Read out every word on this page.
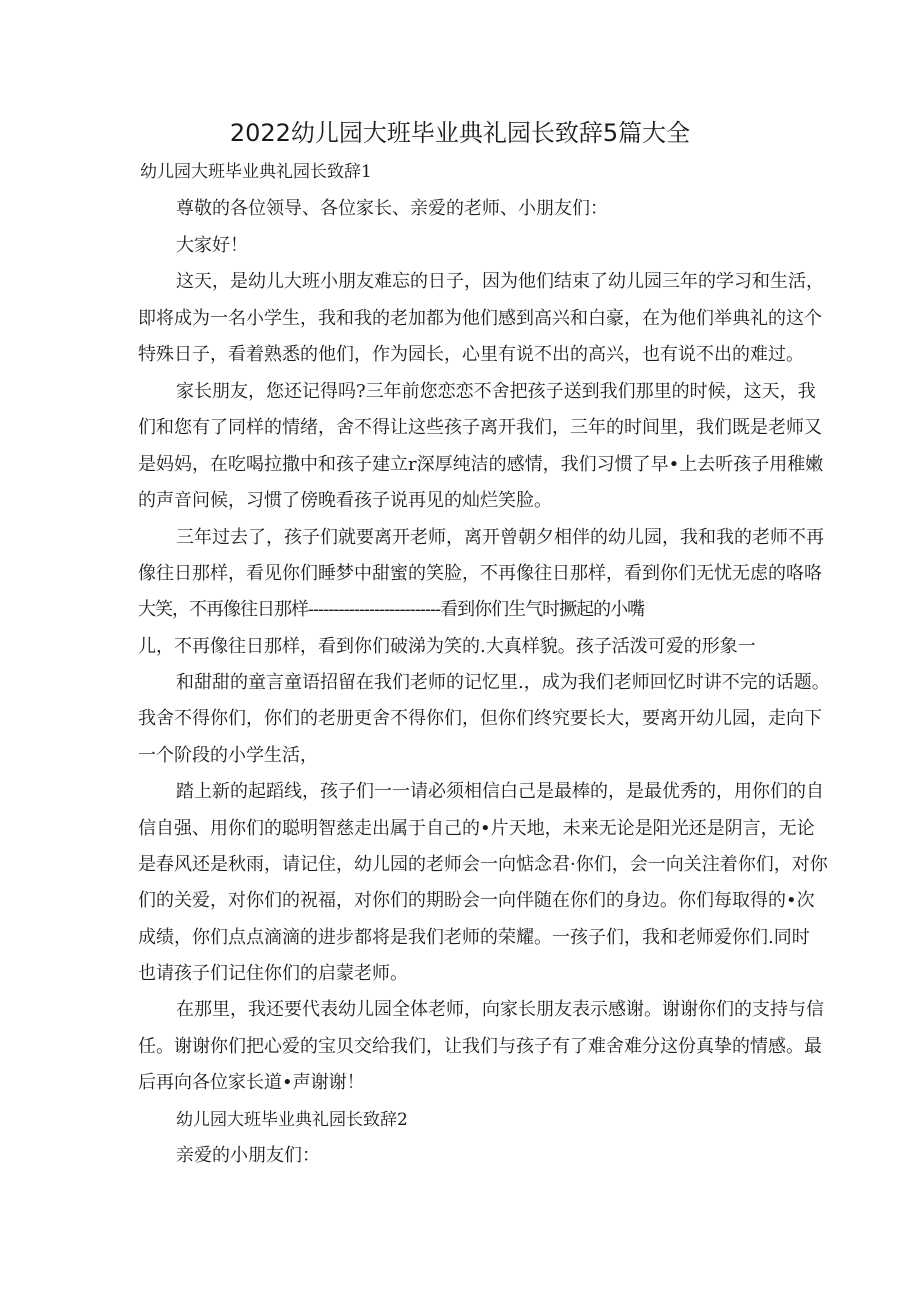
2022幼儿园大班毕业典礼园长致辞5篇大全

幼儿园大班毕业典礼园长致辞1

尊敬的各位领导、各位家长、亲爱的老师、小朋友们：

大家好！

这天，是幼儿大班小朋友难忘的日子，因为他们结束了幼儿园三年的学习和生活，

即将成为一名小学生，我和我的老加都为他们感到高兴和白豪，在为他们举典礼的这个

特殊日子，看着熟悉的他们，作为园长，心里有说不出的高兴，也有说不出的难过。

家长朋友，您还记得吗?三年前您恋恋不舍把孩子送到我们那里的时候，这天，我

们和您有了同样的情绪，舍不得让这些孩子离开我们，三年的时间里，我们既是老师又

是妈妈，在吃喝拉撒中和孩子建立r深厚纯洁的感情，我们习惯了早•上去听孩子用稚嫩

的声音问候，习惯了傍晚看孩子说再见的灿烂笑脸。

三年过去了，孩子们就要离开老师，离开曾朝夕相伴的幼儿园，我和我的老师不再

像往日那样，看见你们睡梦中甜蜜的笑脸，不再像往日那样，看到你们无忧无虑的咯咯

大笑，不再像往日那样--------------------------看到你们生气时撅起的小嘴

儿，不再像往日那样，看到你们破涕为笑的.大真样貌。孩子活泼可爱的形象一

和甜甜的童言童语招留在我们老师的记忆里.，成为我们老师回忆时讲不完的话题。

我舍不得你们，你们的老册更舍不得你们，但你们终究要长大，要离开幼儿园，走向下

一个阶段的小学生活，

踏上新的起蹈线，孩子们一一请必须相信白己是最棒的，是最优秀的，用你们的自

信自强、用你们的聪明智慈走出属于自己的•片天地，未来无论是阳光还是阴言，无论

是春风还是秋雨，请记住，幼儿园的老师会一向惦念君·你们，会一向关注着你们，对你

们的关爱，对你们的祝福，对你们的期盼会一向伴随在你们的身边。你们每取得的•次

成绩，你们点点滴滴的进步都将是我们老师的荣耀。一孩子们，我和老师爱你们.同时

也请孩子们记住你们的启蒙老师。

在那里，我还要代表幼儿园全体老师，向家长朋友表示感谢。谢谢你们的支持与信

任。谢谢你们把心爱的宝贝交给我们，让我们与孩子有了难舍难分这份真挚的情感。最

后再向各位家长道•声谢谢！

幼儿园大班毕业典礼园长致辞2

亲爱的小朋友们：
